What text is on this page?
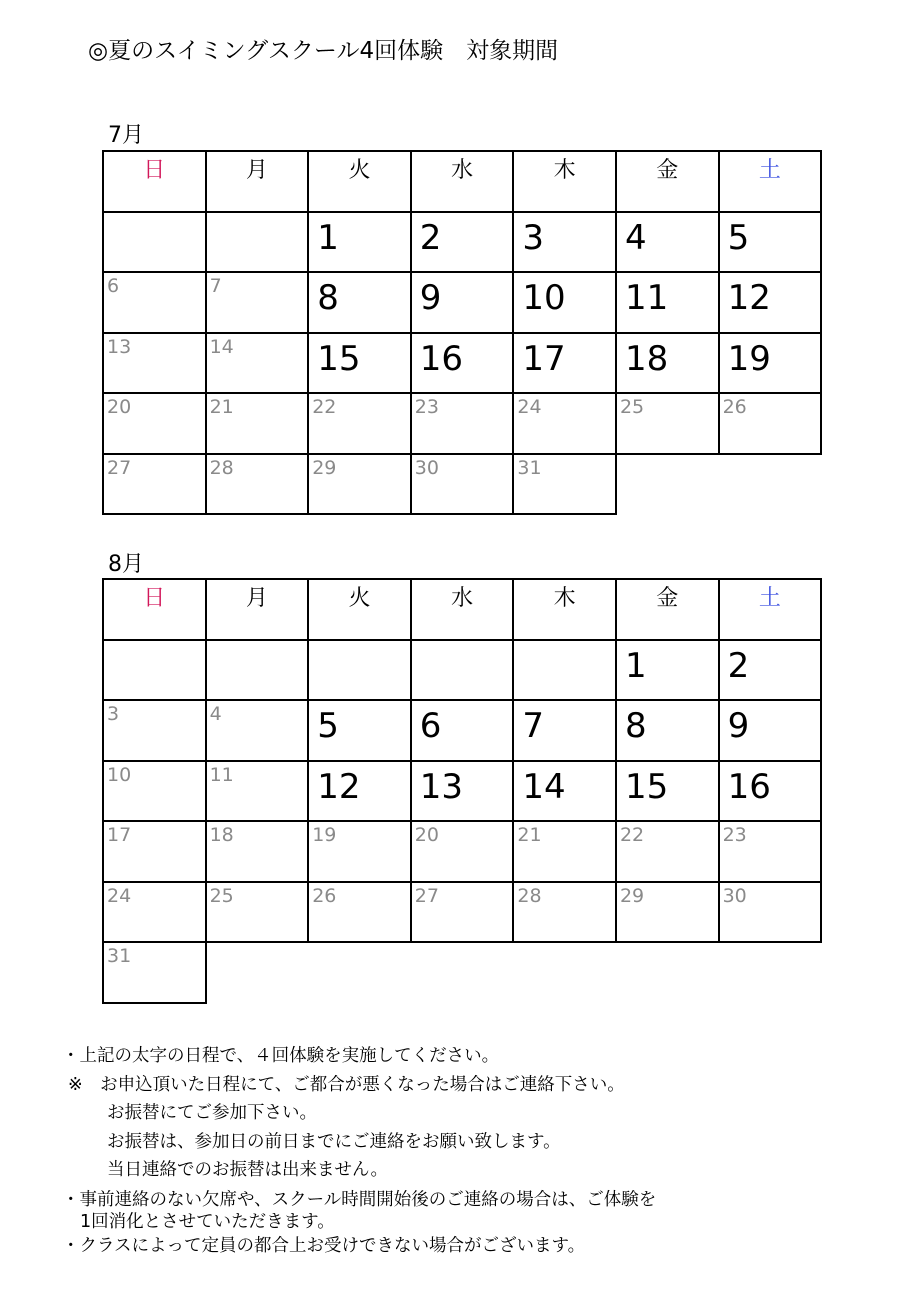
◎夏のスイミングスクール4回体験　対象期間
7月
日	月	火	水	木	金	土

		1	2	3	4	5

6	7	8	9	10	11	12

13	14	15	16	17	18	19

20	21	22	23	24	25	26

27	28	29	30	31		

8月
日	月	火	水	木	金	土

					1	2

3	4	5	6	7	8	9

10	11	12	13	14	15	16

17	18	19	20	21	22	23

24	25	26	27	28	29	30

31						

・上記の太字の日程で、４回体験を実施してください。
※　お申込頂いた日程にて、ご都合が悪くなった場合はご連絡下さい。
お振替にてご参加下さい。
お振替は、参加日の前日までにご連絡をお願い致します。
当日連絡でのお振替は出来ません。
・事前連絡のない欠席や、スクール時間開始後のご連絡の場合は、ご体験を
1回消化とさせていただきます。
・クラスによって定員の都合上お受けできない場合がございます。
